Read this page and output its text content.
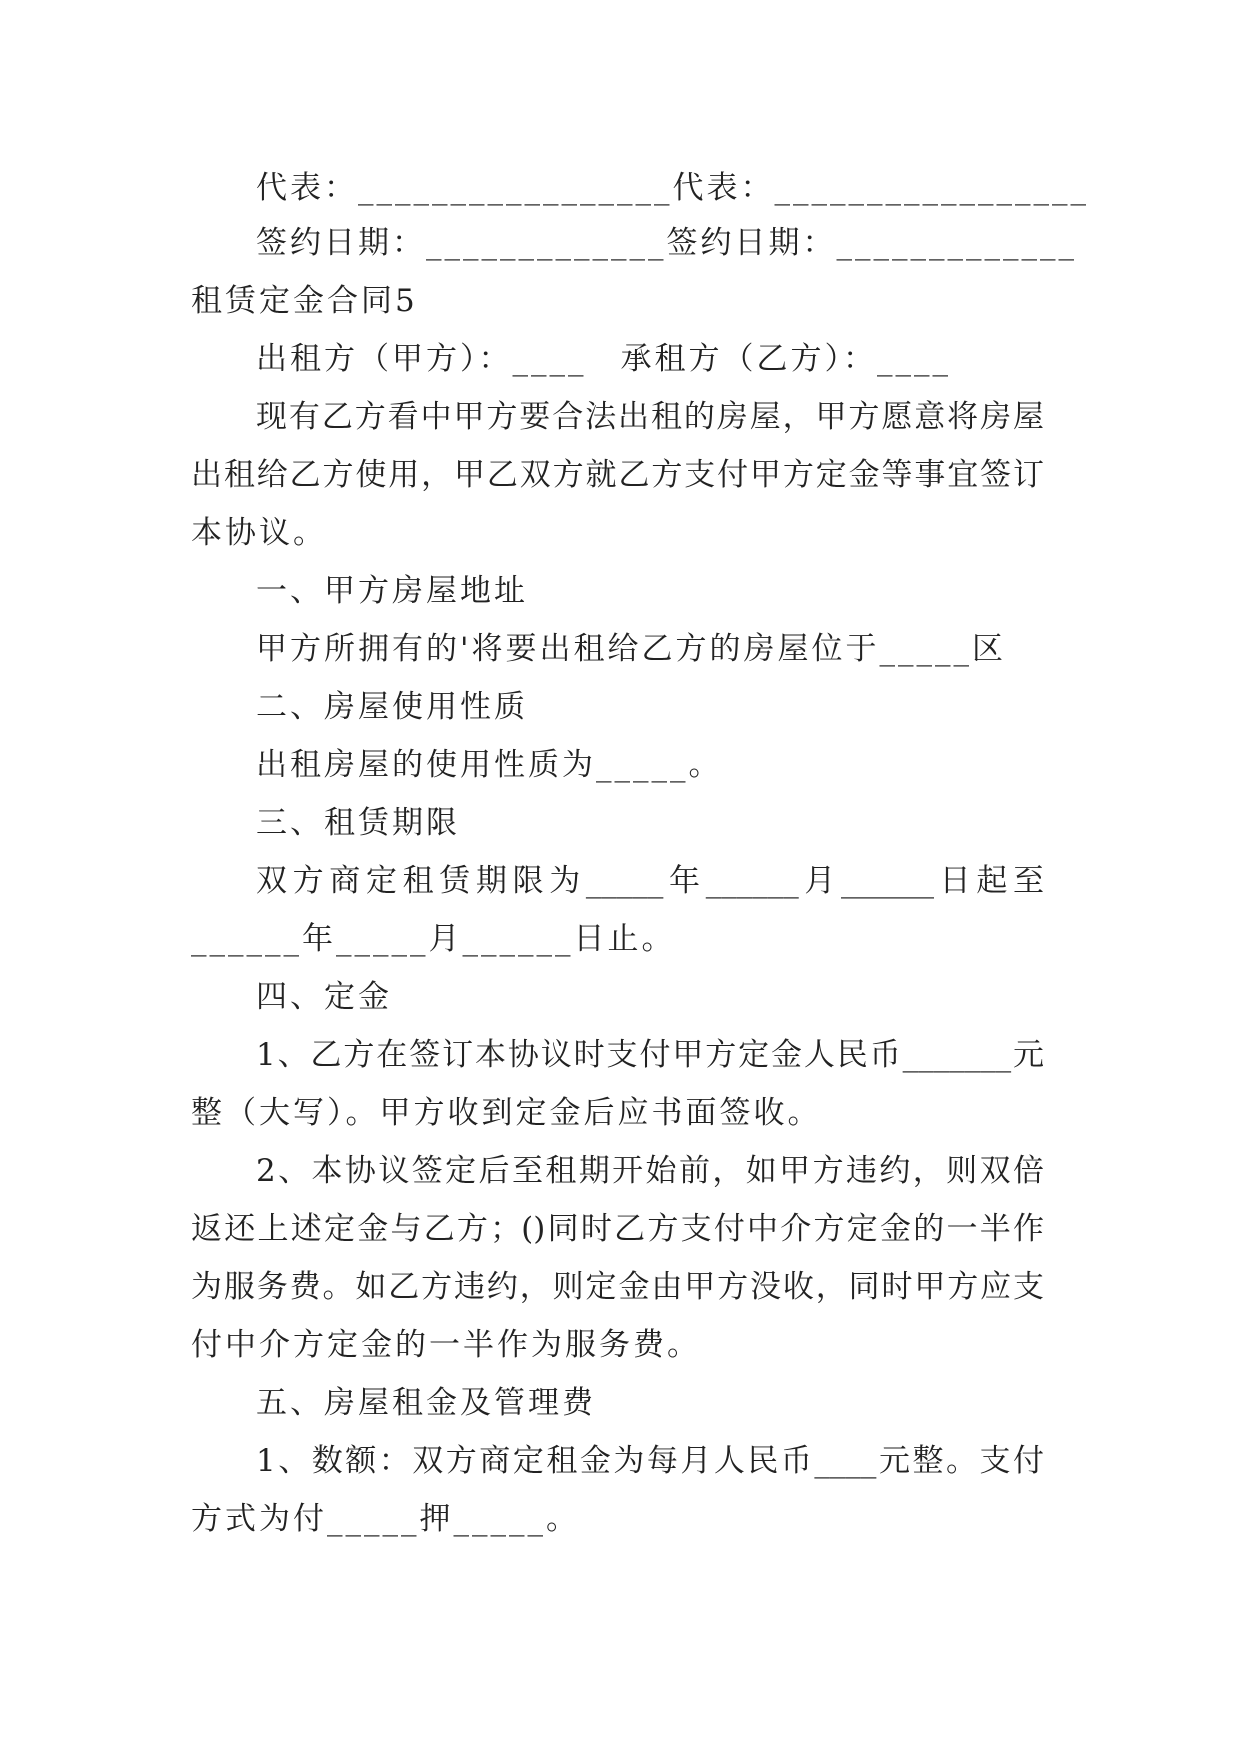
代表：_________________代表：_________________
签约日期：_____________签约日期：_____________
租赁定金合同5
出租方（甲方）：____　承租方（乙方）：____
现有乙方看中甲方要合法出租的房屋，甲方愿意将房屋
出租给乙方使用，甲乙双方就乙方支付甲方定金等事宜签订
本协议。
一、甲方房屋地址
甲方所拥有的'将要出租给乙方的房屋位于_____区
二、房屋使用性质
出租房屋的使用性质为_____。
三、租赁期限
双方商定租赁期限为_____年______月______日起至
______年_____月______日止。
四、定金
1、乙方在签订本协议时支付甲方定金人民币_______元
整（大写）。甲方收到定金后应书面签收。
2、本协议签定后至租期开始前，如甲方违约，则双倍
返还上述定金与乙方；()同时乙方支付中介方定金的一半作
为服务费。如乙方违约，则定金由甲方没收，同时甲方应支
付中介方定金的一半作为服务费。
五、房屋租金及管理费
1、数额：双方商定租金为每月人民币____元整。支付
方式为付_____押_____。
